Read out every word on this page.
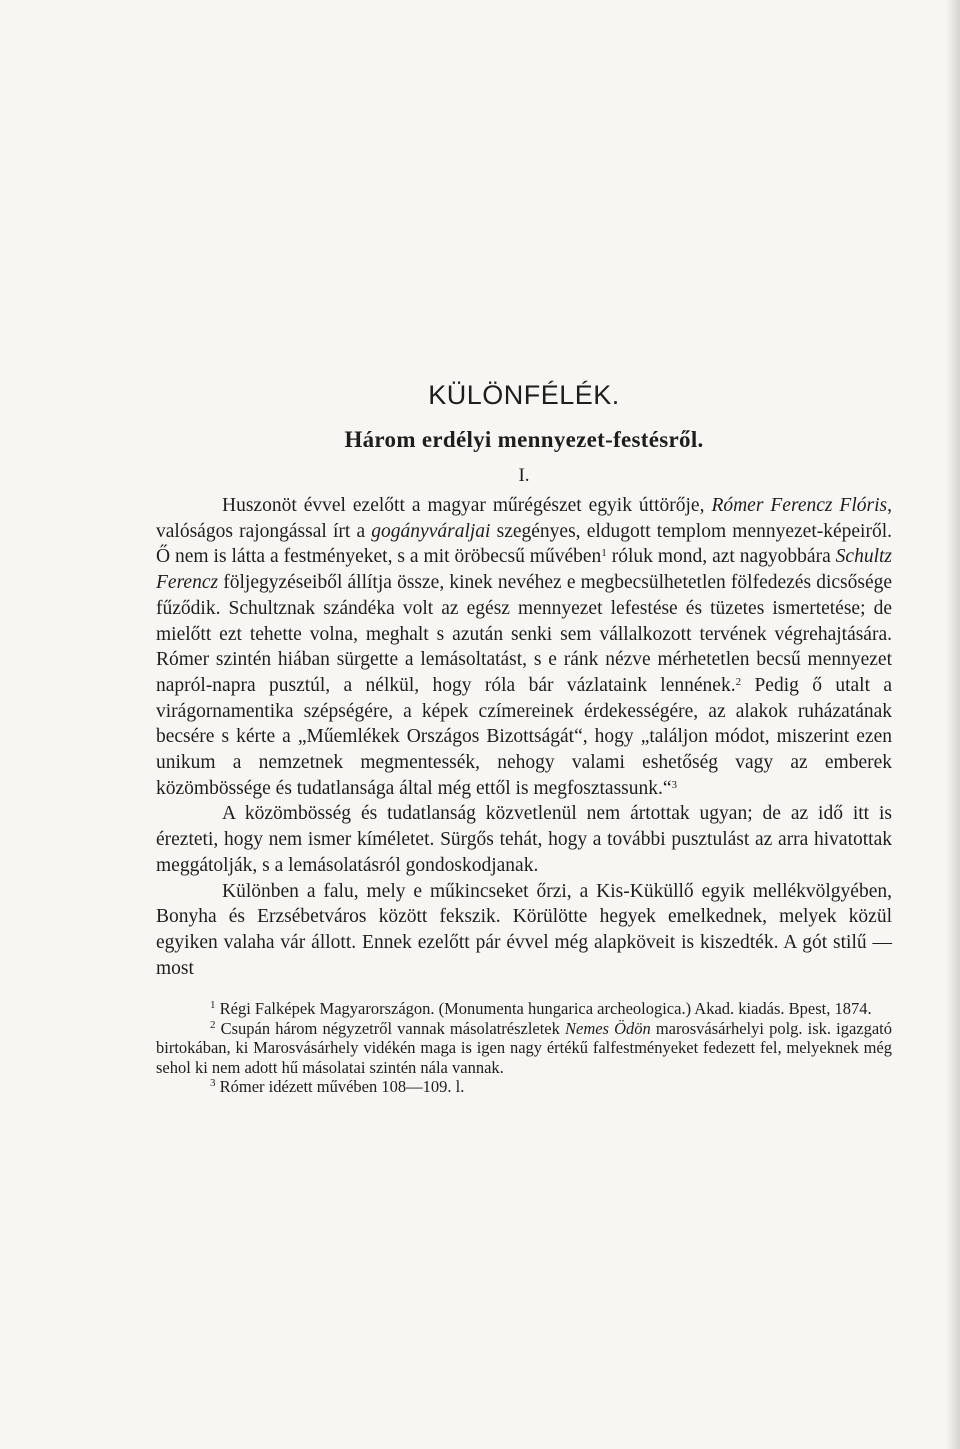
KÜLÖNFÉLÉK.
Három erdélyi mennyezet-festésről.
I.

Huszonöt évvel ezelőtt a magyar műrégészet egyik úttörője, Rómer Ferencz Flóris, valóságos rajongással írt a gogányváraljai szegényes, eldugott templom mennyezet-képeiről. Ő nem is látta a festményeket, s a mit öröbecsű művében$^1$ róluk mond, azt nagyobbára Schultz Ferencz följegyzéseiből állítja össze, kinek nevéhez e megbecsülhetetlen fölfedezés dicsősége fűződik. Schultznak szándéka volt az egész mennyezet lefestése és tüzetes ismertetése; de mielőtt ezt tehette volna, meghalt s azután senki sem vállalkozott tervének végrehajtására. Rómer szintén hiában sürgette a lemásoltatást, s e ránk nézve mérhetetlen becsű mennyezet napról-napra pusztúl, a nélkül, hogy róla bár vázlataink lennének.$^2$ Pedig ő utalt a virágornamentika szépségére, a képek czímereinek érdekességére, az alakok ruházatának becsére s kérte a „Műemlékek Országos Bizottságát“, hogy „találjon módot, miszerint ezen unikum a nemzetnek megmentessék, nehogy valami eshetőség vagy az emberek közömbössége és tudatlansága által még ettől is megfosztassunk.“$^3$

A közömbösség és tudatlanság közvetlenül nem ártottak ugyan; de az idő itt is érezteti, hogy nem ismer kíméletet. Sürgős tehát, hogy a további pusztulást az arra hivatottak meggátolják, s a lemásolatásról gondoskodjanak.

Különben a falu, mely e műkincseket őrzi, a Kis-Küküllő egyik mellékvölgyében, Bonyha és Erzsébetváros között fekszik. Körülötte hegyek emelkednek, melyek közül egyiken valaha vár állott. Ennek ezelőtt pár évvel még alapköveit is kiszedték. A gót stilű — most

$^1$ Régi Falképek Magyarországon. (Monumenta hungarica archeologica.) Akad. kiadás. Bpest, 1874.

$^2$ Csupán három négyzetről vannak másolatrészletek Nemes Ödön marosvásárhelyi polg. isk. igazgató birtokában, ki Marosvásárhely vidékén maga is igen nagy értékű falfestményeket fedezett fel, melyeknek még sehol ki nem adott hű másolatai szintén nála vannak.

$^3$ Rómer idézett művében 108—109. l.
